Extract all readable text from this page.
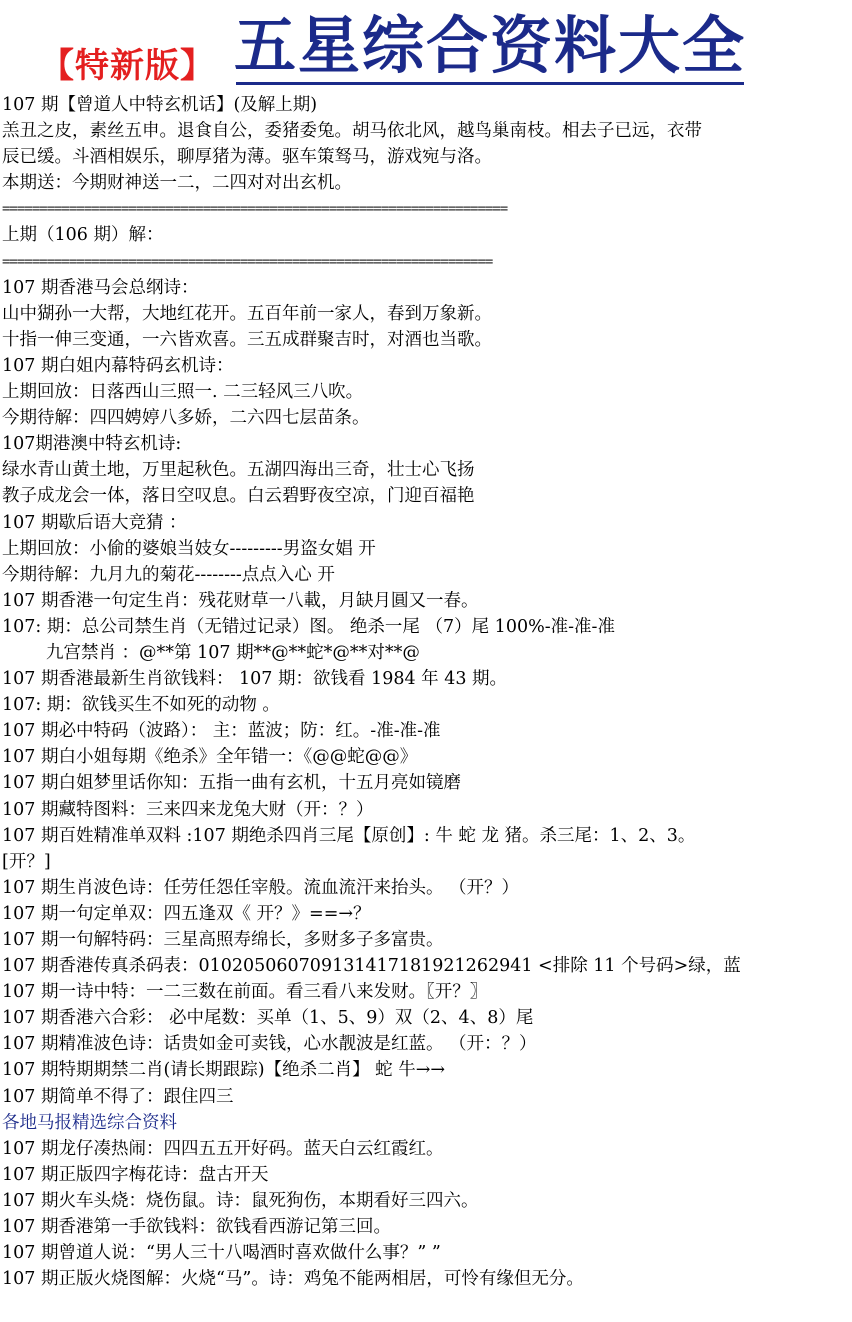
【特新版】 五星综合资料大全
107 期【曾道人中特玄机话】(及解上期)
羔丑之皮，素丝五申。退食自公，委猪委兔。胡马依北风，越鸟巢南枝。相去子已远，衣带
辰已缓。斗酒相娱乐，聊厚猪为薄。驱车策驽马，游戏宛与洛。
本期送：今期财神送一二，二四对对出玄机。
====================================================================
上期（106 期）解：
==================================================================
107 期香港马会总纲诗：
山中猢孙一大帮，大地红花开。五百年前一家人，春到万象新。
十指一伸三变通，一六皆欢喜。三五成群聚吉时，对酒也当歌。
107 期白姐内幕特码玄机诗：
上期回放：日落西山三照一. 二三轻风三八吹。
今期待解：四四娉婷八多娇，二六四七层苗条。
107期港澳中特玄机诗:
绿水青山黄土地，万里起秋色。五湖四海出三奇，壮士心飞扬
教子成龙会一体，落日空叹息。白云碧野夜空凉，门迎百福艳
107 期歇后语大竞猜 ：
上期回放：小偷的婆娘当妓女---------男盗女娼 开
今期待解：九月九的菊花--------点点入心 开
107 期香港一句定生肖：残花财草一八載，月缺月圓又一春。
107: 期：总公司禁生肖（无错过记录）图。 绝杀一尾 （7）尾 100%-准-准-准
九宫禁肖 ：@**第 107 期**@**蛇*@**对**@
107 期香港最新生肖欲钱料： 107 期：欲钱看 1984 年 43 期。
107: 期：欲钱买生不如死的动物 。
107 期必中特码（波路）： 主：蓝波；防：红。-准-准-准
107 期白小姐每期《绝杀》全年错一：《@@蛇@@》
107 期白姐梦里话你知：五指一曲有玄机，十五月亮如镜磨
107 期藏特图料：三来四来龙兔大财（开：？）
107 期百姓精准单双料 :107 期绝杀四肖三尾【原创】: 牛 蛇 龙 猪。杀三尾：1、2、3。
[开？]
107 期生肖波色诗：任劳任怨任宰般。流血流汗来抬头。 （开？）
107 期一句定单双：四五逢双《 开？》==→？
107 期一句解特码：三星高照寿绵长，多财多子多富贵。
107 期香港传真杀码表：010205060709131417181921262941 <排除 11 个号码>绿，蓝
107 期一诗中特：一二三数在前面。看三看八来发财。〖开？〗
107 期香港六合彩： 必中尾数：买单（1、5、9）双（2、4、8）尾
107 期精准波色诗：话贵如金可卖钱，心水靓波是红蓝。 （开：？）
107 期特期期禁二肖(请长期跟踪)【绝杀二肖】 蛇 牛→→
107 期简单不得了：跟住四三
各地马报精选综合资料
107 期龙仔凑热闹：四四五五开好码。蓝天白云红霞红。
107 期正版四字梅花诗：盘古开天
107 期火车头烧：烧伤鼠。诗：鼠死狗伤，本期看好三四六。
107 期香港第一手欲钱料：欲钱看西游记第三回。
107 期曾道人说：“男人三十八喝酒时喜欢做什么事？” ”
107 期正版火烧图解：火烧“马”。诗：鸡兔不能两相居，可怜有缘但无分。
